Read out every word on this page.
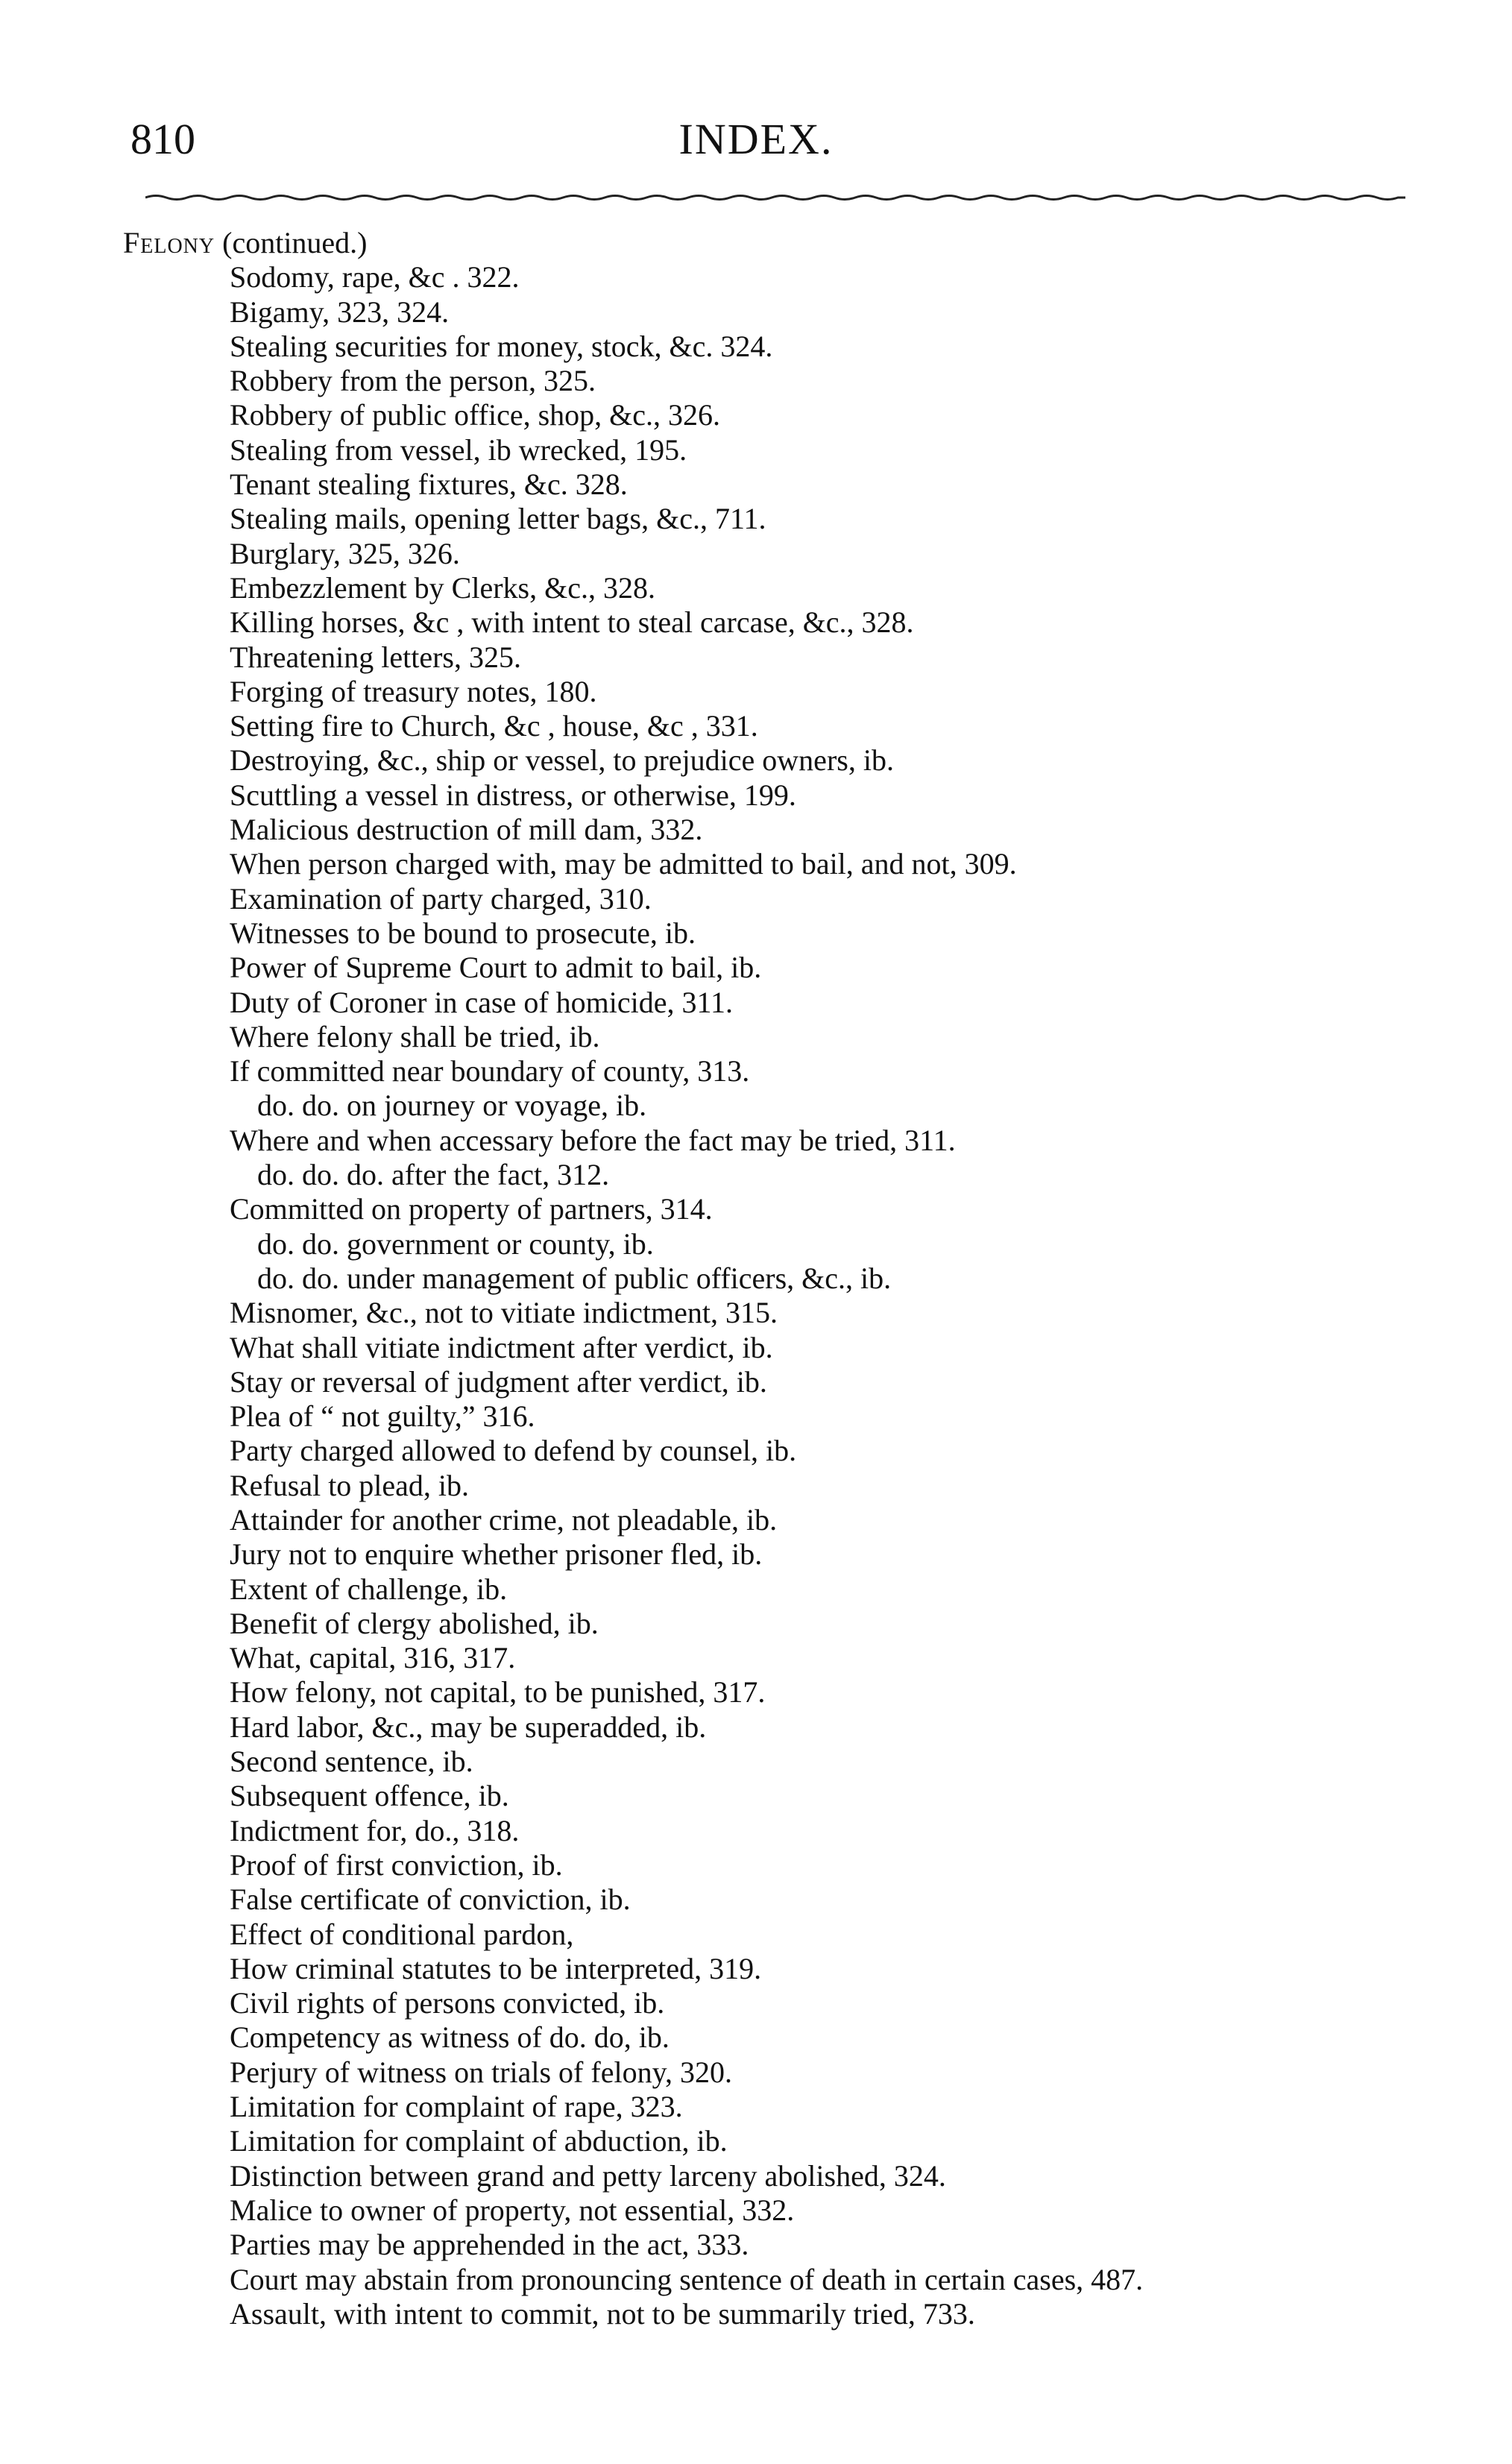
810	INDEX.
Felony (continued.)
Sodomy, rape, &c . 322.
Bigamy, 323, 324.
Stealing securities for money, stock, &c. 324.
Robbery from the person, 325.
Robbery of public office, shop, &c., 326.
Stealing from vessel, ib wrecked, 195.
Tenant stealing fixtures, &c. 328.
Stealing mails, opening letter bags, &c., 711.
Burglary, 325, 326.
Embezzlement by Clerks, &c., 328.
Killing horses, &c , with intent to steal carcase, &c., 328.
Threatening letters, 325.
Forging of treasury notes, 180.
Setting fire to Church, &c , house, &c , 331.
Destroying, &c., ship or vessel, to prejudice owners, ib.
Scuttling a vessel in distress, or otherwise, 199.
Malicious destruction of mill dam, 332.
When person charged with, may be admitted to bail, and not, 309.
Examination of party charged, 310.
Witnesses to be bound to prosecute, ib.
Power of Supreme Court to admit to bail, ib.
Duty of Coroner in case of homicide, 311.
Where felony shall be tried, ib.
If committed near boundary of county, 313.
do. do. on journey or voyage, ib.
Where and when accessary before the fact may be tried, 311.
do. do. do. after the fact, 312.
Committed on property of partners, 314.
do. do. government or county, ib.
do. do. under management of public officers, &c., ib.
Misnomer, &c., not to vitiate indictment, 315.
What shall vitiate indictment after verdict, ib.
Stay or reversal of judgment after verdict, ib.
Plea of “ not guilty,” 316.
Party charged allowed to defend by counsel, ib.
Refusal to plead, ib.
Attainder for another crime, not pleadable, ib.
Jury not to enquire whether prisoner fled, ib.
Extent of challenge, ib.
Benefit of clergy abolished, ib.
What, capital, 316, 317.
How felony, not capital, to be punished, 317.
Hard labor, &c., may be superadded, ib.
Second sentence, ib.
Subsequent offence, ib.
Indictment for, do., 318.
Proof of first conviction, ib.
False certificate of conviction, ib.
Effect of conditional pardon,
How criminal statutes to be interpreted, 319.
Civil rights of persons convicted, ib.
Competency as witness of do. do, ib.
Perjury of witness on trials of felony, 320.
Limitation for complaint of rape, 323.
Limitation for complaint of abduction, ib.
Distinction between grand and petty larceny abolished, 324.
Malice to owner of property, not essential, 332.
Parties may be apprehended in the act, 333.
Court may abstain from pronouncing sentence of death in certain cases, 487.
Assault, with intent to commit, not to be summarily tried, 733.
